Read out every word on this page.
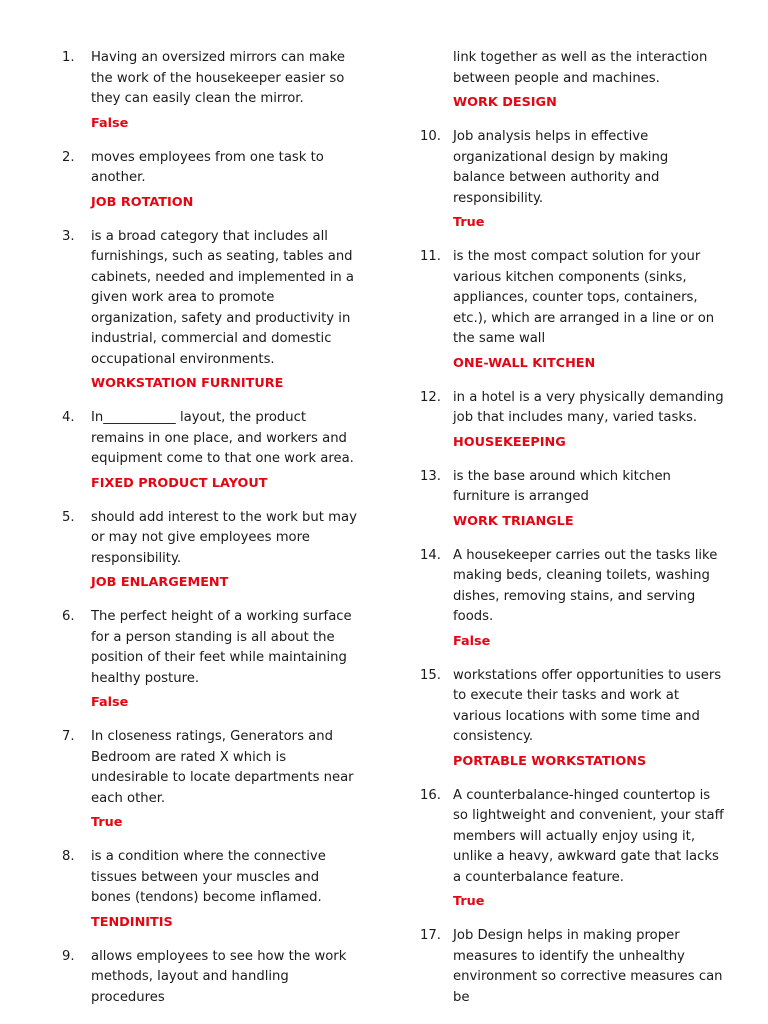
1.	Having an oversized mirrors can make the work of the housekeeper easier so they can easily clean the mirror.

False
2.	moves employees from one task to another.

JOB ROTATION
3.	is a broad category that includes all furnishings, such as seating, tables and cabinets, needed and implemented in a given work area to promote organization, safety and productivity in industrial, commercial and domestic occupational environments.

WORKSTATION FURNITURE
4.	In___________ layout, the product remains in one place, and workers and equipment come to that one work area.

FIXED PRODUCT LAYOUT
5.	should add interest to the work but may or may not give employees more responsibility.

JOB ENLARGEMENT
6.	The perfect height of a working surface for a person standing is all about the position of their feet while maintaining healthy posture.

False
7.	In closeness ratings, Generators and Bedroom are rated X which is undesirable to locate departments near each other.

True
8.	is a condition where the connective tissues between your muscles and bones (tendons) become inflamed.

TENDINITIS
9.	allows employees to see how the work methods, layout and handling procedures

link together as well as the interaction between people and machines.

WORK DESIGN
10. Job analysis helps in effective organizational design by making balance between authority and responsibility.

True
11. is the most compact solution for your various kitchen components (sinks, appliances, counter tops, containers, etc.), which are arranged in a line or on the same wall

ONE-WALL KITCHEN
12. in a hotel is a very physically demanding job that includes many, varied tasks.

HOUSEKEEPING
13. is the base around which kitchen furniture is arranged

WORK TRIANGLE
14. A housekeeper carries out the tasks like making beds, cleaning toilets, washing dishes, removing stains, and serving foods.

False
15. workstations offer opportunities to users to execute their tasks and work at various locations with some time and consistency.

PORTABLE WORKSTATIONS
16. A counterbalance-hinged countertop is so lightweight and convenient, your staff members will actually enjoy using it, unlike a heavy, awkward gate that lacks a counterbalance feature.

True
17. Job Design helps in making proper measures to identify the unhealthy environment so corrective measures can be
